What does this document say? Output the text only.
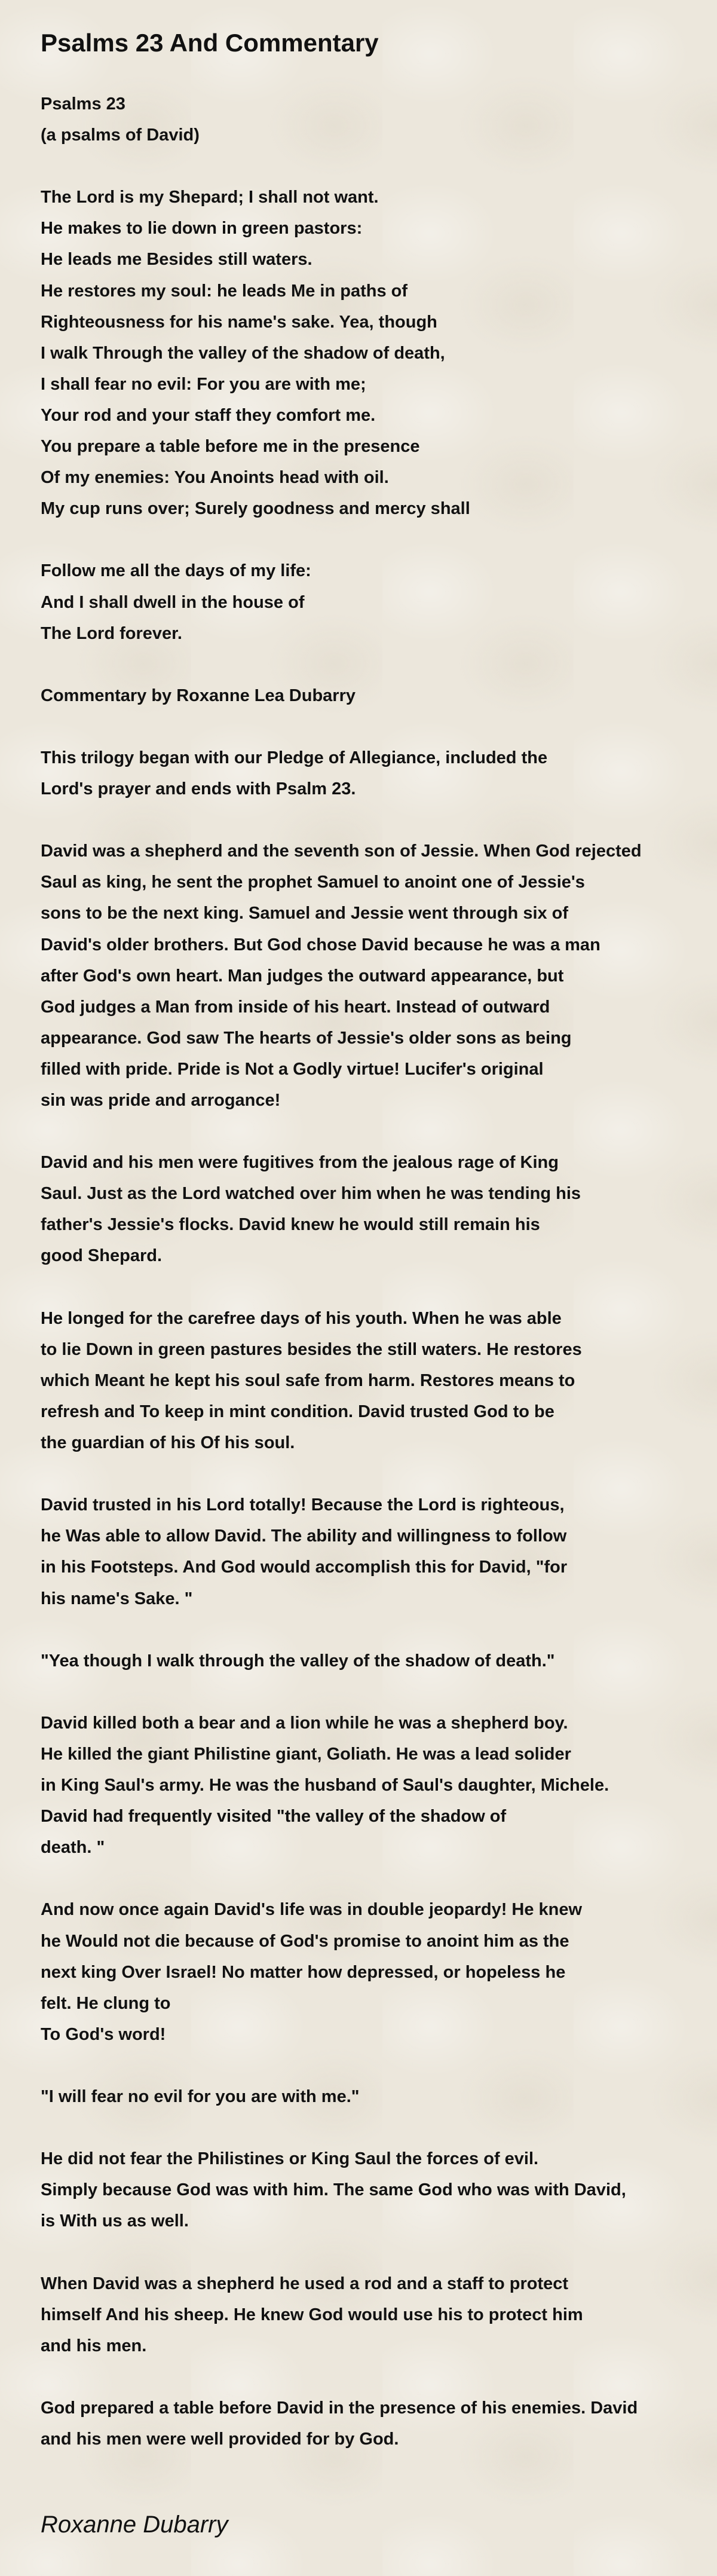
Psalms 23 And Commentary

Psalms 23
(a psalms of David)

The Lord is my Shepard; I shall not want.
He makes to lie down in green pastors:
He leads me Besides still waters.
He restores my soul: he leads Me in paths of
Righteousness for his name's sake. Yea, though
I walk Through the valley of the shadow of death,
I shall fear no evil: For you are with me;
Your rod and your staff they comfort me.
You prepare a table before me in the presence
Of my enemies: You Anoints head with oil.
My cup runs over; Surely goodness and mercy shall

Follow me all the days of my life:
And I shall dwell in the house of
The Lord forever.

Commentary by Roxanne Lea Dubarry

This trilogy began with our Pledge of Allegiance, included the
Lord's prayer and ends with Psalm 23.

David was a shepherd and the seventh son of Jessie. When God rejected
Saul as king, he sent the prophet Samuel to anoint one of Jessie's
sons to be the next king. Samuel and Jessie went through six of
David's older brothers. But God chose David because he was a man
after God's own heart. Man judges the outward appearance, but
God judges a Man from inside of his heart. Instead of outward
appearance. God saw The hearts of Jessie's older sons as being
filled with pride. Pride is Not a Godly virtue! Lucifer's original
sin was pride and arrogance!

David and his men were fugitives from the jealous rage of King
Saul. Just as the Lord watched over him when he was tending his
father's Jessie's flocks. David knew he would still remain his
good Shepard.

He longed for the carefree days of his youth. When he was able
to lie Down in green pastures besides the still waters. He restores
which Meant he kept his soul safe from harm. Restores means to
refresh and To keep in mint condition. David trusted God to be
the guardian of his Of his soul.

David trusted in his Lord totally! Because the Lord is righteous,
he Was able to allow David. The ability and willingness to follow
in his Footsteps. And God would accomplish this for David, "for
his name's Sake. "

"Yea though I walk through the valley of the shadow of death."

David killed both a bear and a lion while he was a shepherd boy.
He killed the giant Philistine giant, Goliath. He was a lead solider
in King Saul's army. He was the husband of Saul's daughter, Michele.
David had frequently visited "the valley of the shadow of
death. "

And now once again David's life was in double jeopardy! He knew
he Would not die because of God's promise to anoint him as the
next king Over Israel! No matter how depressed, or hopeless he
felt. He clung to
To God's word!

"I will fear no evil for you are with me."

He did not fear the Philistines or King Saul the forces of evil.
Simply because God was with him. The same God who was with David,
is With us as well.

When David was a shepherd he used a rod and a staff to protect
himself And his sheep. He knew God would use his to protect him
and his men.

God prepared a table before David in the presence of his enemies. David
and his men were well provided for by God.

Roxanne Dubarry
